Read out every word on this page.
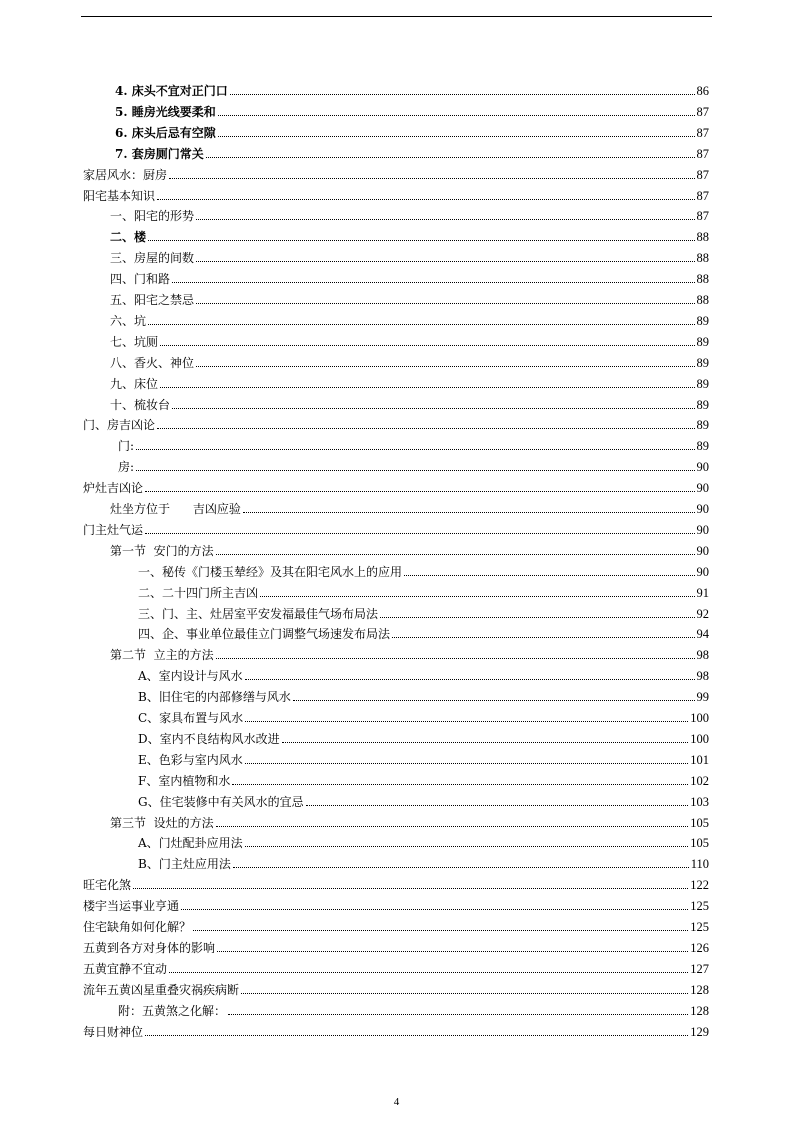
4. 床头不宜对正门口	86
5. 睡房光线要柔和	87
6. 床头后忌有空隙	87
7. 套房厕门常关	87
家居风水：厨房	87
阳宅基本知识	87
一、阳宅的形势	87
二、楼	88
三、房屋的间数	88
四、门和路	88
五、阳宅之禁忌	88
六、坑	89
七、坑厕	89
八、香火、神位	89
九、床位	89
十、梳妆台	89
门、房吉凶论	89
门:	89
房:	90
炉灶吉凶论	90
灶坐方位于      吉凶应验	90
门主灶气运	90
第一节  安门的方法	90
一、秘传《门楼玉辇经》及其在阳宅风水上的应用	90
二、二十四门所主吉凶	91
三、门、主、灶居室平安发福最佳气场布局法	92
四、企、事业单位最佳立门调整气场速发布局法	94
第二节  立主的方法	98
A、室内设计与风水	98
B、旧住宅的内部修缮与风水	99
C、家具布置与风水	100
D、室内不良结构风水改进	100
E、色彩与室内风水	101
F、室内植物和水	102
G、住宅装修中有关风水的宜忌	103
第三节  设灶的方法	105
A、门灶配卦应用法	105
B、门主灶应用法	110
旺宅化煞	122
楼宇当运事业亨通	125
住宅缺角如何化解？	125
五黄到各方对身体的影响	126
五黄宜静不宜动	127
流年五黄凶星重叠灾祸疾病断	128
附：五黄煞之化解：	128
每日财神位	129
4
